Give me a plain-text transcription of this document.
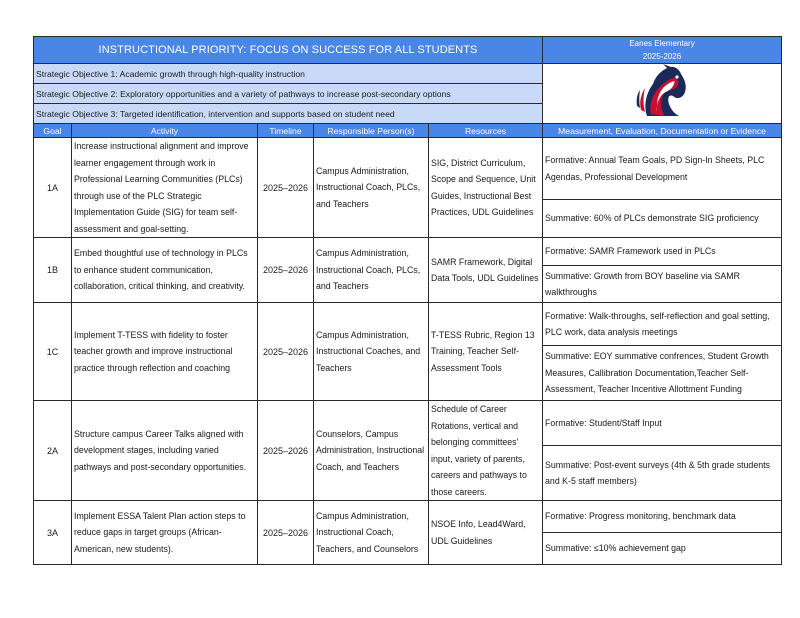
INSTRUCTIONAL PRIORITY: FOCUS ON SUCCESS FOR ALL STUDENTS					Eanes Elementary
2025-2026

Strategic Objective 1: Academic growth through high-quality instruction	
Strategic Objective 2: Exploratory opportunities and a variety of pathways to increase post-secondary options					
Strategic Objective 3: Targeted identification, intervention and supports based on student need					
Goal	Activity	Timeline	Responsible Person(s)	Resources	Measurement, Evaluation, Documentation or Evidence
1A	Increase instructional alignment and improve learner engagement through work in Professional Learning Communities (PLCs) through use of the PLC Strategic Implementation Guide (SIG) for team self-assessment and goal-setting.	2025–2026	Campus Administration, Instructional Coach, PLCs, and Teachers	SIG, District Curriculum, Scope and Sequence, Unit Guides, Instructional Best Practices, UDL Guidelines	Formative: Annual Team Goals, PD Sign-In Sheets, PLC Agendas, Professional Development
					Summative: 60% of PLCs demonstrate SIG proficiency
1B	Embed thoughtful use of technology in PLCs to enhance student communication, collaboration, critical thinking, and creativity.	2025–2026	Campus Administration, Instructional Coach, PLCs, and Teachers	SAMR Framework, Digital Data Tools, UDL Guidelines	Formative: SAMR Framework used in PLCs
					Summative: Growth from BOY baseline via SAMR walkthroughs
1C	Implement T-TESS with fidelity to foster teacher growth and improve instructional practice through reflection and coaching	2025–2026	Campus Administration, Instructional Coaches, and Teachers	T-TESS Rubric, Region 13 Training, Teacher Self-Assessment Tools	Formative: Walk-throughs, self-reflection and goal setting, PLC work, data analysis meetings
					Summative: EOY summative confrences, Student Growth Measures, Callibration Documentation,Teacher Self-Assessment, Teacher Incentive Allottment Funding
2A	Structure campus Career Talks aligned with development stages, including varied pathways and post-secondary opportunities.	2025–2026	Counselors, Campus Administration, Instructional Coach, and Teachers	Schedule of Career Rotations, vertical and belonging committees' input, variety of parents, careers and pathways to those careers.	Formative: Student/Staff Input
					Summative: Post-event surveys (4th & 5th grade students and K-5 staff members)
3A	Implement ESSA Talent Plan action steps to reduce gaps in target groups (African-American, new students).	2025–2026	Campus Administration, Instructional Coach, Teachers, and Counselors	NSOE Info, Lead4Ward, UDL Guidelines	Formative: Progress monitoring, benchmark data
					Summative: ≤10% achievement gap
